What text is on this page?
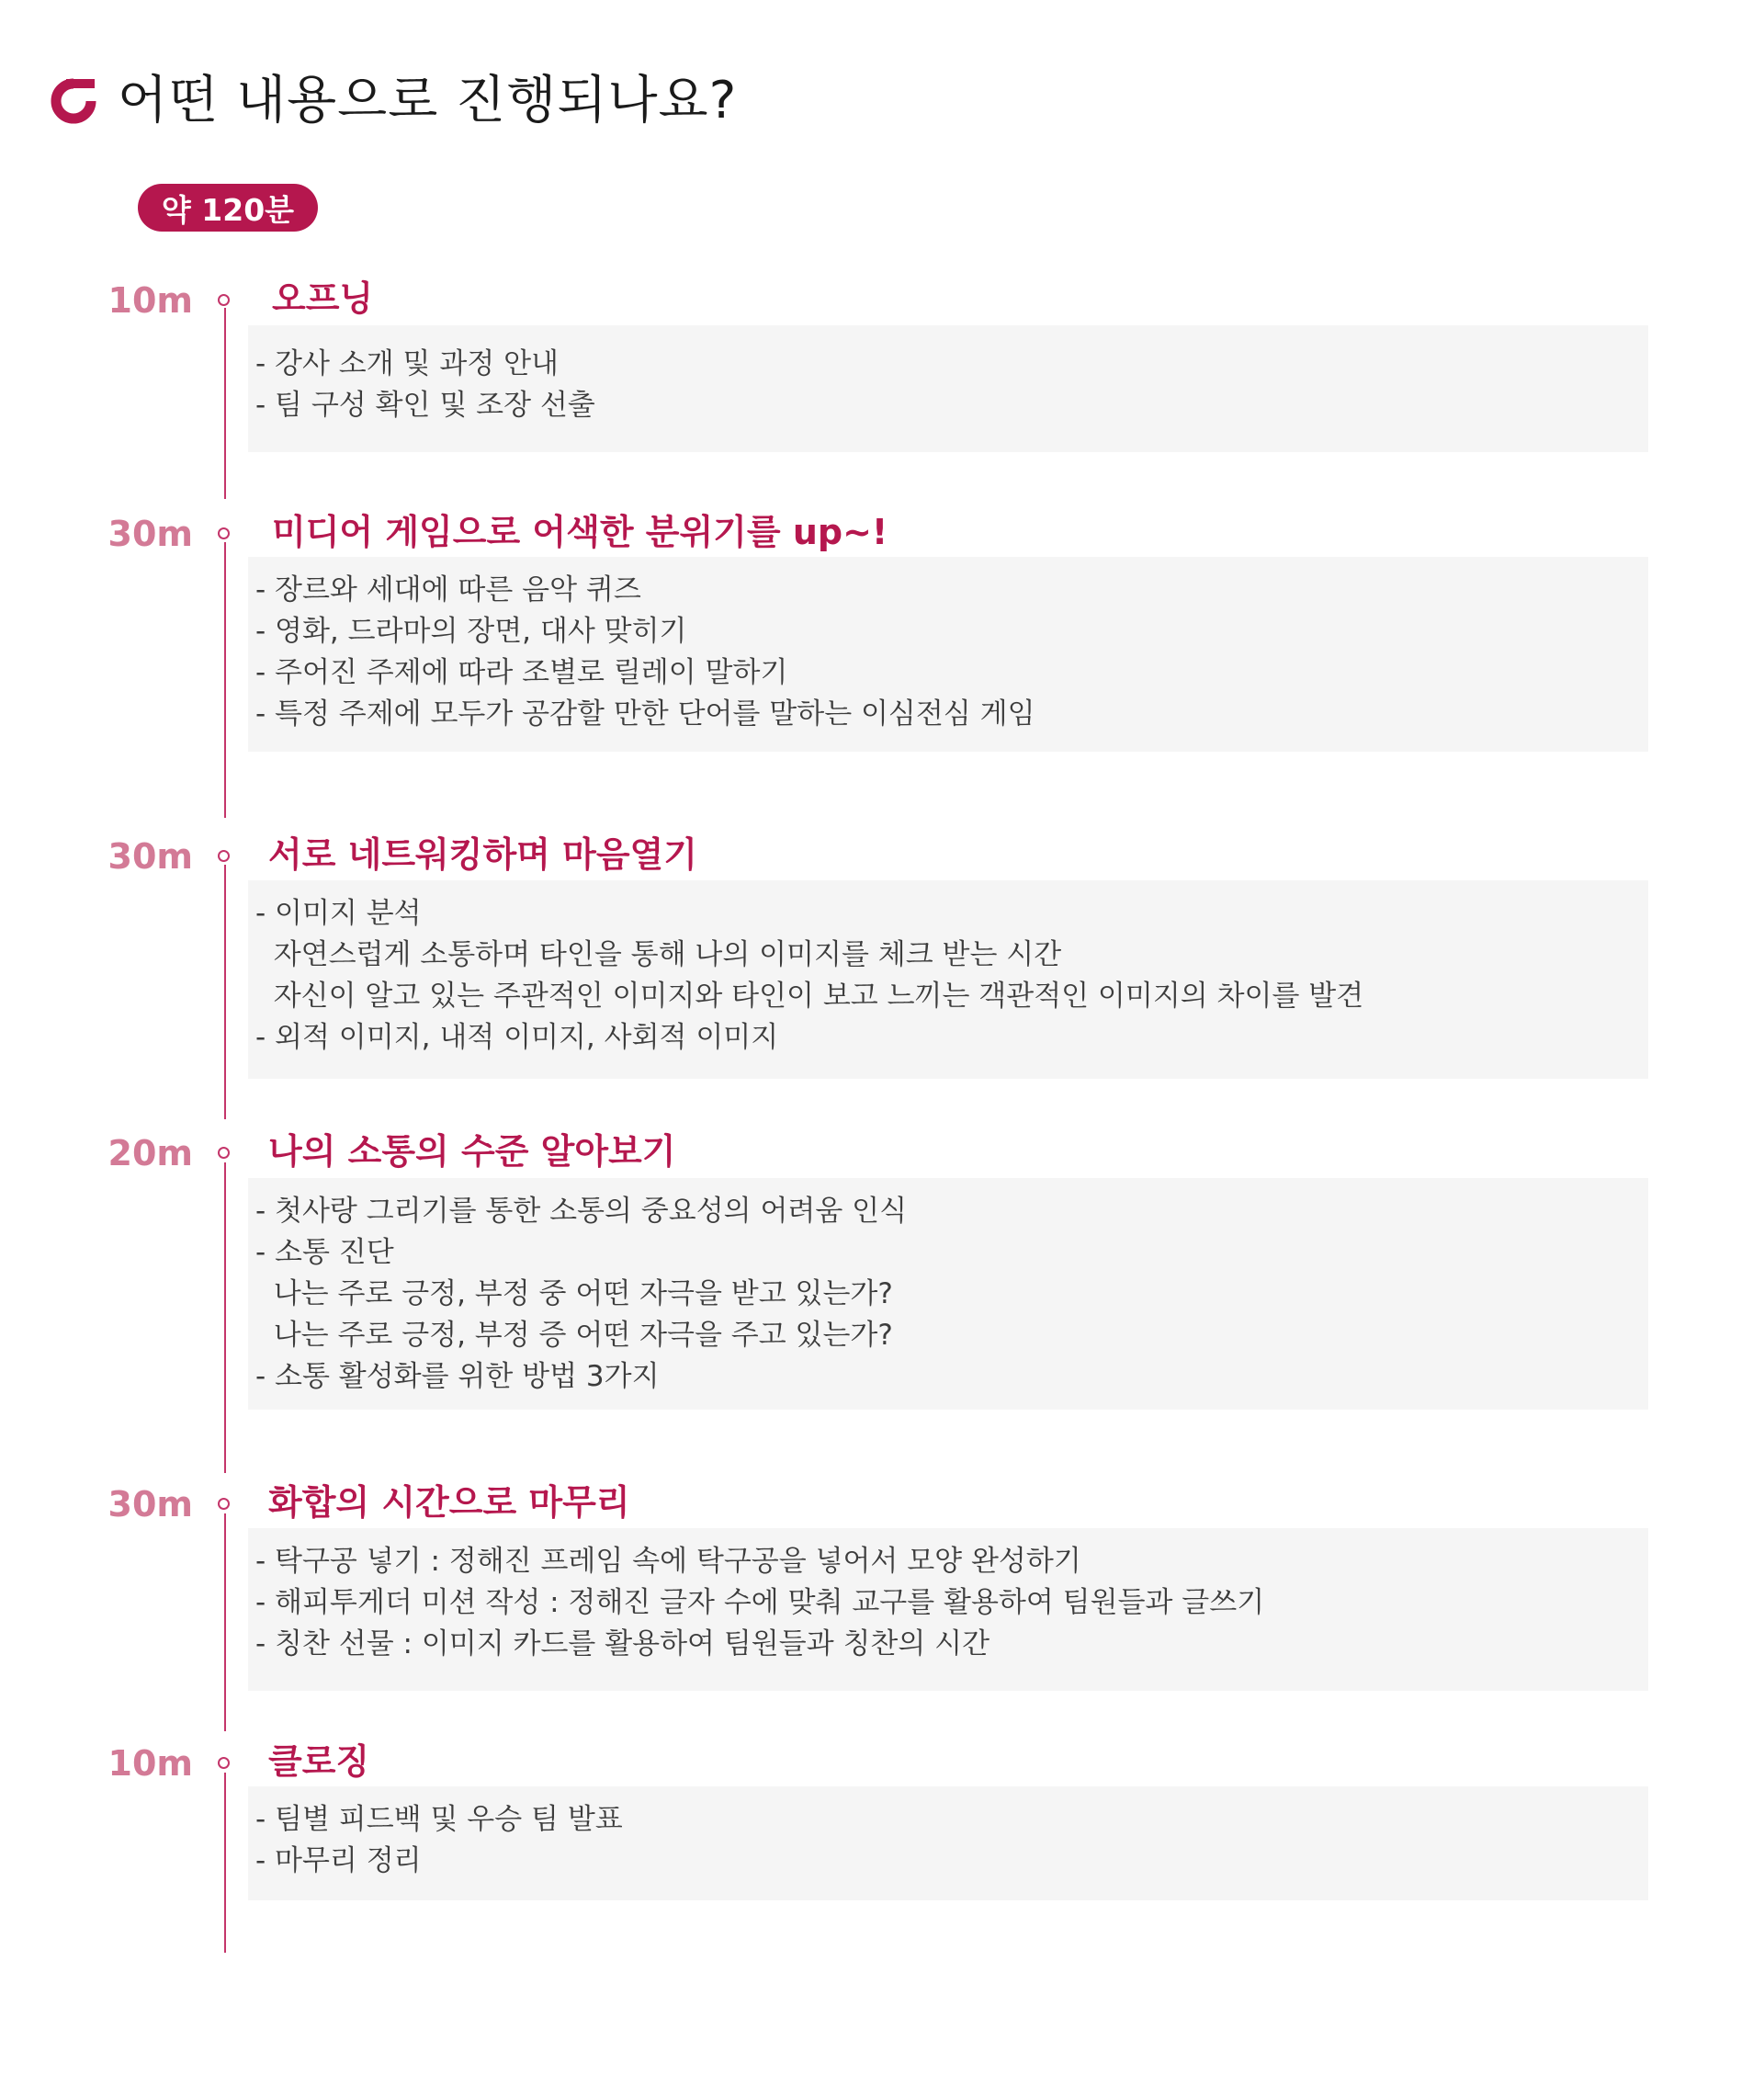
어떤 내용으로 진행되나요?
약 120분
10m 오프닝
- 강사 소개 및 과정 안내
- 팀 구성 확인 및 조장 선출
30m 미디어 게임으로 어색한 분위기를 up~!
- 장르와 세대에 따른 음악 퀴즈
- 영화, 드라마의 장면, 대사 맞히기
- 주어진 주제에 따라 조별로 릴레이 말하기
- 특정 주제에 모두가 공감할 만한 단어를 말하는 이심전심 게임
30m 서로 네트워킹하며 마음열기
- 이미지 분석
자연스럽게 소통하며 타인을 통해 나의 이미지를 체크 받는 시간
자신이 알고 있는 주관적인 이미지와 타인이 보고 느끼는 객관적인 이미지의 차이를 발견
- 외적 이미지, 내적 이미지, 사회적 이미지
20m 나의 소통의 수준 알아보기
- 첫사랑 그리기를 통한 소통의 중요성의 어려움 인식
- 소통 진단
나는 주로 긍정, 부정 중 어떤 자극을 받고 있는가?
나는 주로 긍정, 부정 증 어떤 자극을 주고 있는가?
- 소통 활성화를 위한 방법 3가지
30m 화합의 시간으로 마무리
- 탁구공 넣기 : 정해진 프레임 속에 탁구공을 넣어서 모양 완성하기
- 해피투게더 미션 작성 : 정해진 글자 수에 맞춰 교구를 활용하여 팀원들과 글쓰기
- 칭찬 선물 : 이미지 카드를 활용하여 팀원들과 칭찬의 시간
10m 클로징
- 팀별 피드백 및 우승 팀 발표
- 마무리 정리
